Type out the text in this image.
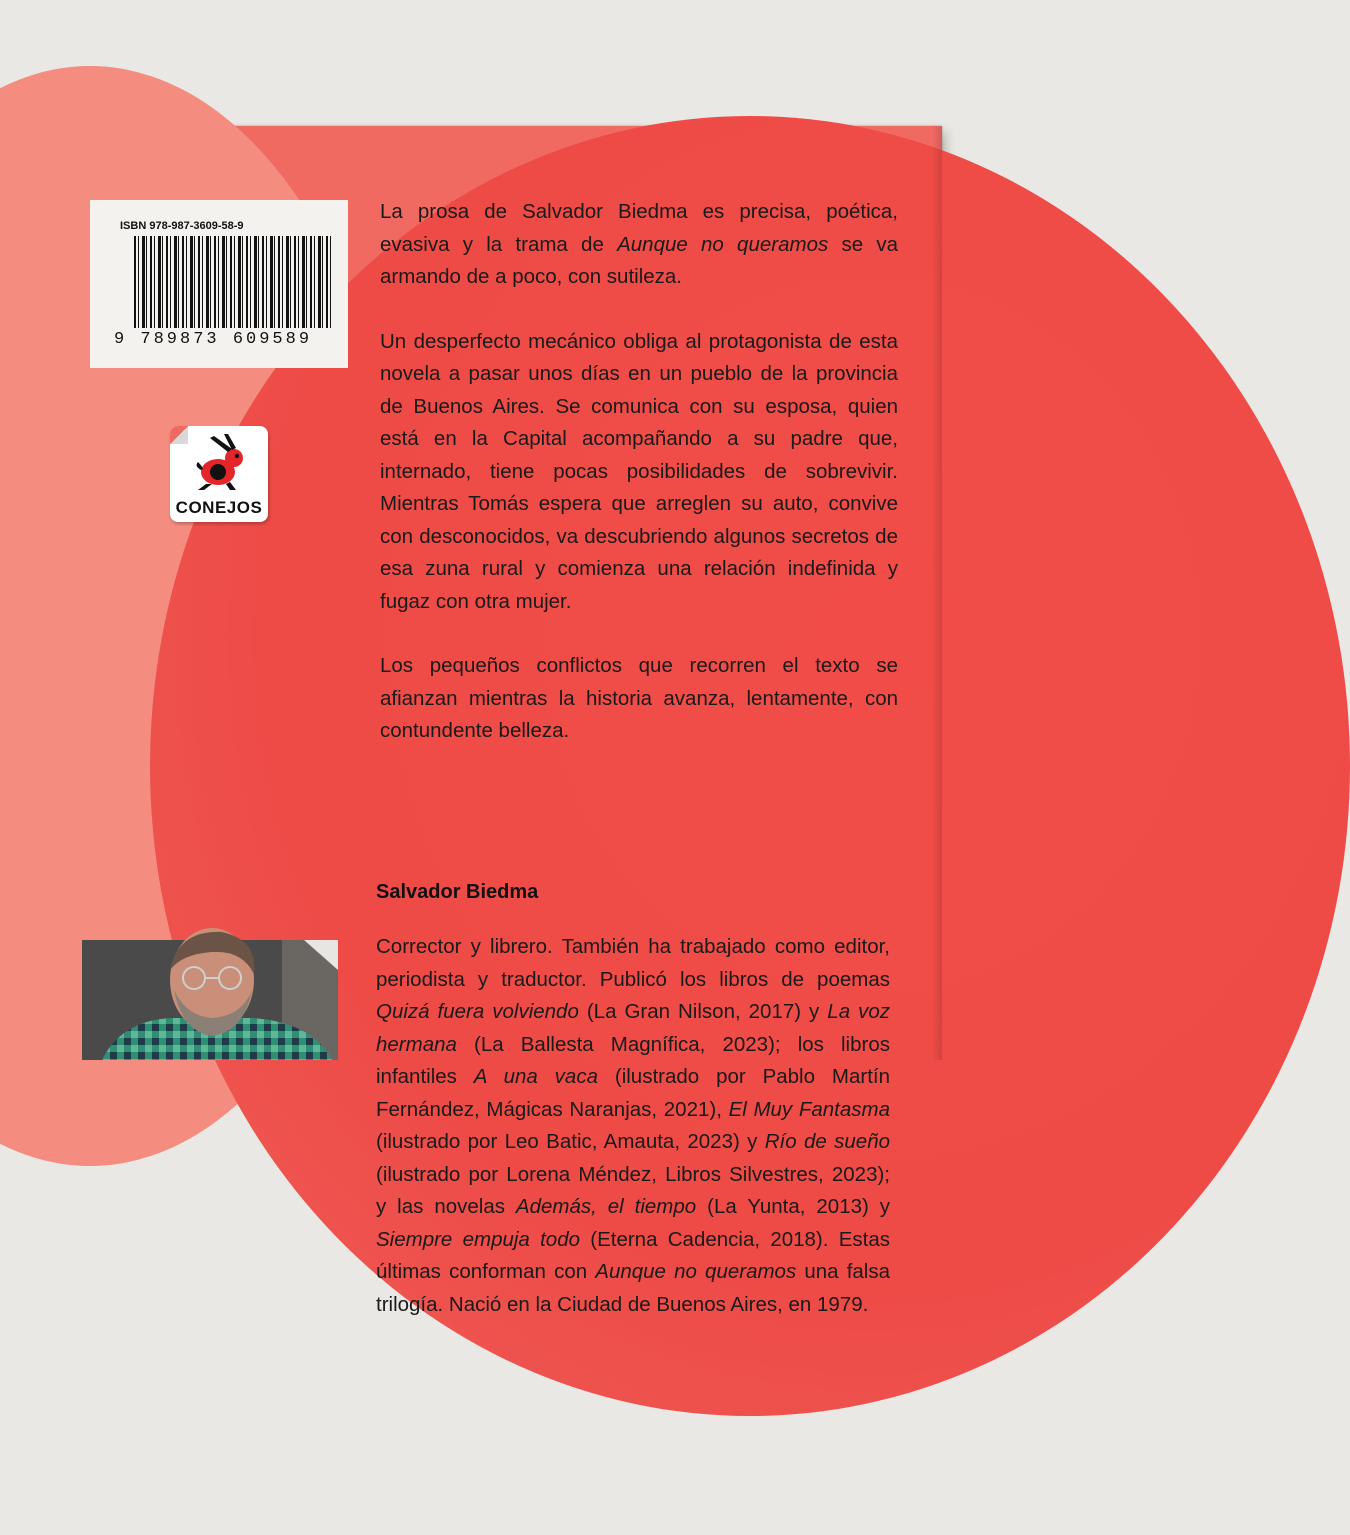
ISBN 978-987-3609-58-9
9 789873 609589
CONEJOS

La prosa de Salvador Biedma es precisa, poética, evasiva y la trama de Aunque no queramos se va armando de a poco, con sutileza.

Un desperfecto mecánico obliga al protagonista de esta novela a pasar unos días en un pueblo de la provincia de Buenos Aires. Se comunica con su esposa, quien está en la Capital acompañando a su padre que, internado, tiene pocas posibilidades de sobrevivir. Mientras Tomás espera que arreglen su auto, convive con desconocidos, va descubriendo algunos secretos de esa zuna rural y comienza una relación indefinida y fugaz con otra mujer.

Los pequeños conflictos que recorren el texto se afianzan mientras la historia avanza, lentamente, con contundente belleza.

Salvador Biedma

Corrector y librero. También ha trabajado como editor, periodista y traductor. Publicó los libros de poemas Quizá fuera volviendo (La Gran Nilson, 2017) y La voz hermana (La Ballesta Magnífica, 2023); los libros infantiles A una vaca (ilustrado por Pablo Martín Fernández, Mágicas Naranjas, 2021), El Muy Fantasma (ilustrado por Leo Batic, Amauta, 2023) y Río de sueño (ilustrado por Lorena Méndez, Libros Silvestres, 2023); y las novelas Además, el tiempo (La Yunta, 2013) y Siempre empuja todo (Eterna Cadencia, 2018). Estas últimas conforman con Aunque no queramos una falsa trilogía. Nació en la Ciudad de Buenos Aires, en 1979.
